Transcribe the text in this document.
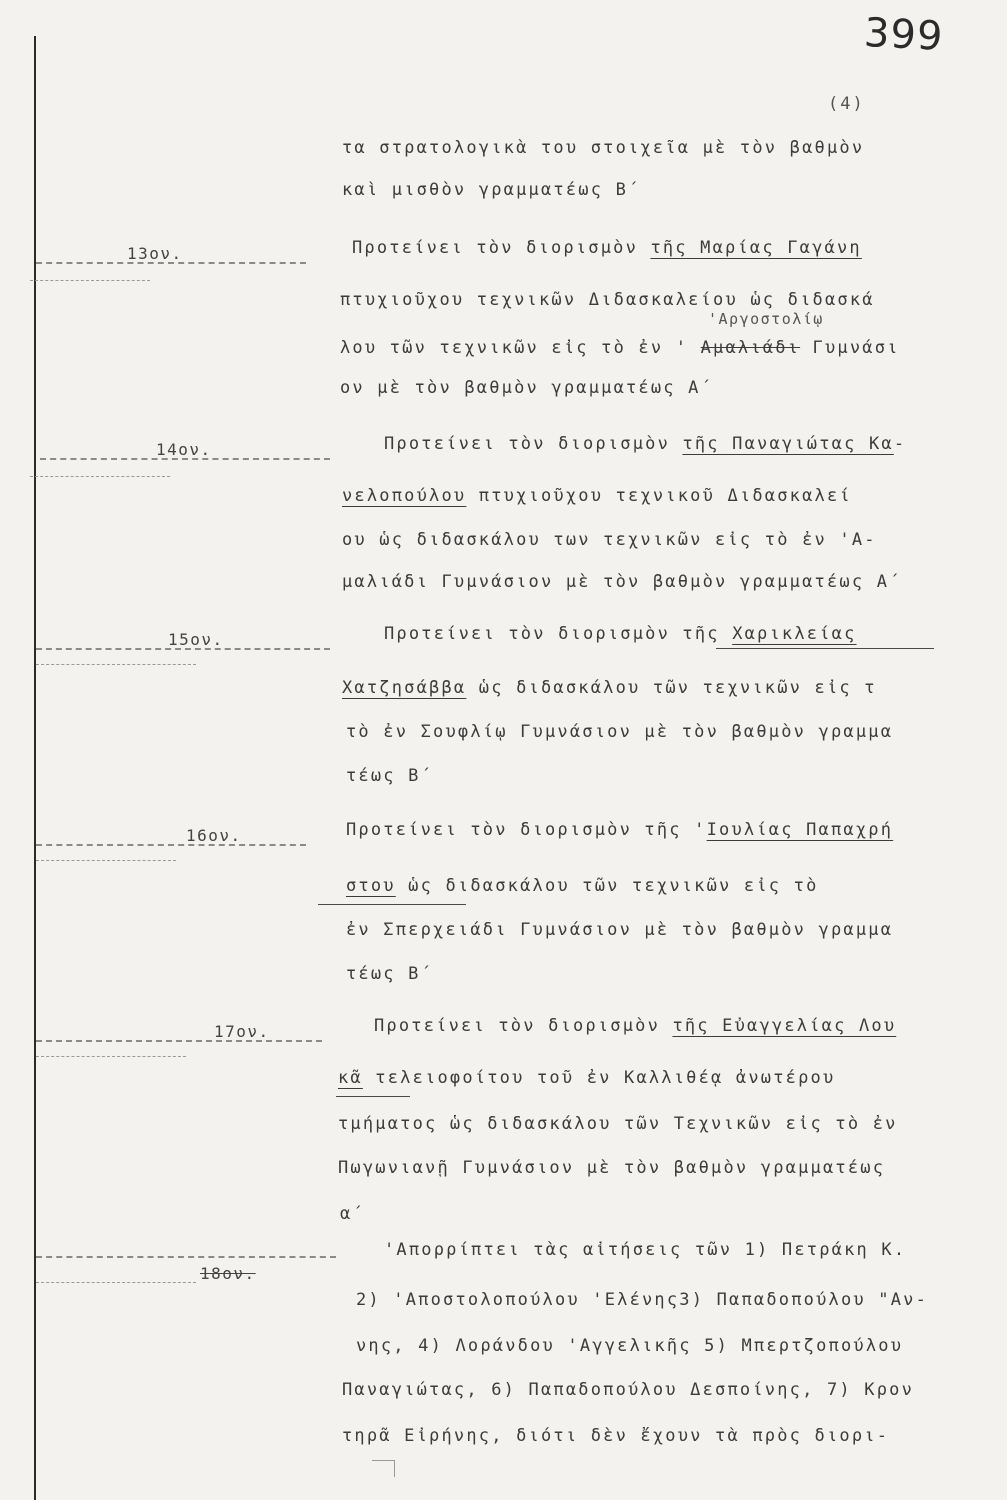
399
(4)
τα στρατολογικὰ του στοιχεῖα μὲ τὸν βαθμὸν
καὶ μισθὸν γραμματέως Β΄
13ον.	Προτείνει τὸν διορισμὸν τῆς Μαρίας Γαγάνη
πτυχιοῦχου τεχνικῶν Διδασκαλείου ὡς διδασκά
'Αργοστολίῳ
λου τῶν τεχνικῶν εἰς τὸ ἐν ' Αμαλιάδι Γυμνάσι
ον μὲ τὸν βαθμὸν γραμματέως Α΄
14ον.	Προτείνει τὸν διορισμὸν τῆς Παναγιώτας Κα-
νελοπούλου πτυχιοῦχου τεχνικοῦ Διδασκαλεί
ου ὡς διδασκάλου των τεχνικῶν εἰς τὸ ἐν 'Α-
μαλιάδι Γυμνάσιον μὲ τὸν βαθμὸν γραμματέως Α΄
15ον.	Προτείνει τὸν διορισμὸν τῆς Χαρικλείας
Χατζησάββα ὡς διδασκάλου τῶν τεχνικῶν εἰς τ
τὸ ἐν Σουφλίῳ Γυμνάσιον μὲ τὸν βαθμὸν γραμμα
τέως Β΄
16ον.	Προτείνει τὸν διορισμὸν τῆς 'Ιουλίας Παπαχρή
στου ὡς διδασκάλου τῶν τεχνικῶν εἰς τὸ
ἐν Σπερχειάδι Γυμνάσιον μὲ τὸν βαθμὸν γραμμα
τέως Β΄
17ον.	Προτείνει τὸν διορισμὸν τῆς Εὐαγγελίας Λου
κᾶ τελειοφοίτου τοῦ ἐν Καλλιθέᾳ ἀνωτέρου
τμήματος ὡς διδασκάλου τῶν Τεχνικῶν εἰς τὸ ἐν
Πωγωνιανῇ Γυμνάσιον μὲ τὸν βαθμὸν γραμματέως
α΄
18ον.
'Απορρίπτει τὰς αἰτήσεις τῶν 1) Πετράκη Κ.
2) 'Αποστολοπούλου 'Ελένης3) Παπαδοπούλου "Αν-
νης, 4) Λοράνδου 'Αγγελικῆς 5) Μπερτζοπούλου
Παναγιώτας, 6) Παπαδοπούλου Δεσποίνης, 7) Κρον
τηρᾶ Εἰρήνης, διότι δὲν ἔχουν τὰ πρὸς διορι-
